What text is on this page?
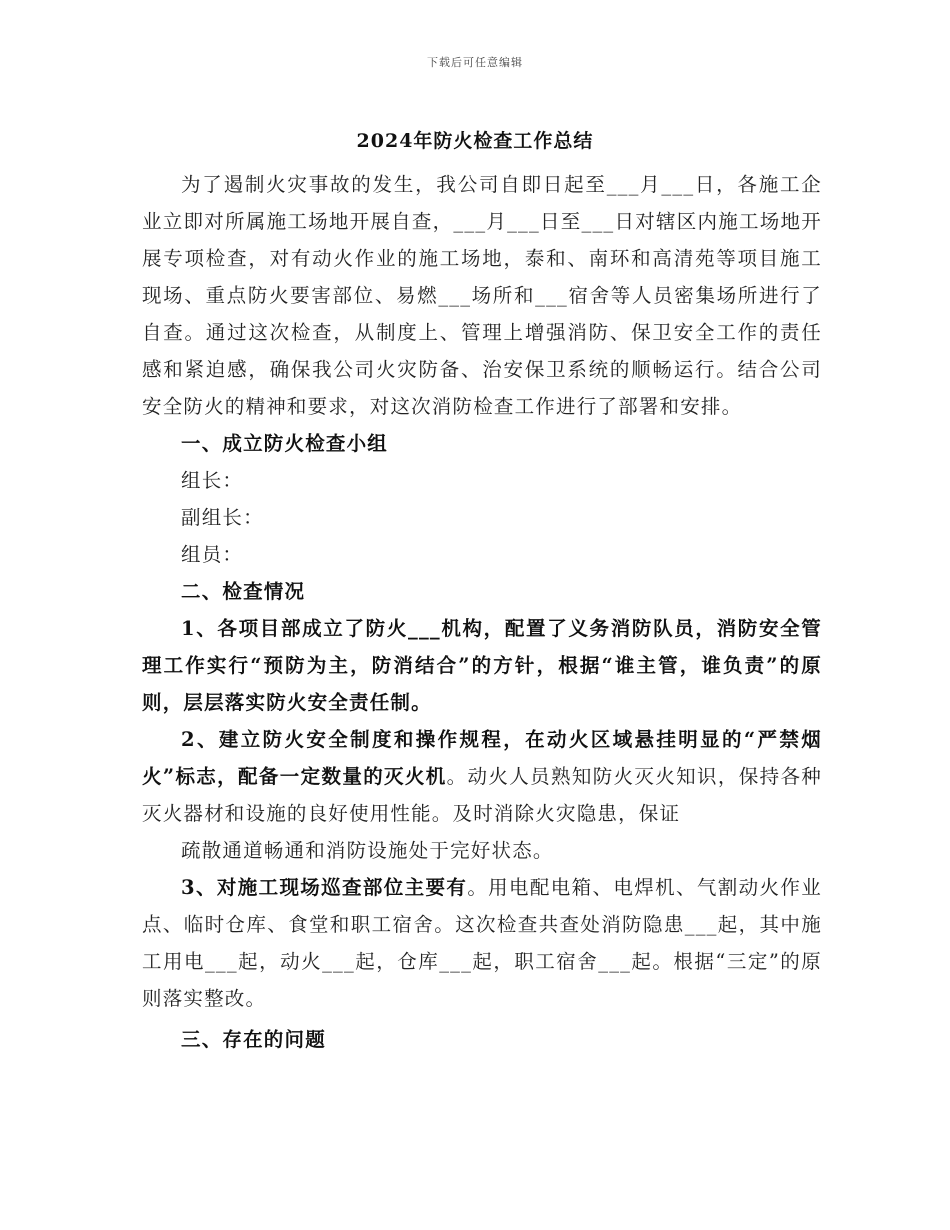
下载后可任意编辑
2024年防火检查工作总结

为了遏制火灾事故的发生，我公司自即日起至___月___日，各施工企业立即对所属施工场地开展自查，___月___日至___日对辖区内施工场地开展专项检查，对有动火作业的施工场地，泰和、南环和高清苑等项目施工现场、重点防火要害部位、易燃___场所和___宿舍等人员密集场所进行了自查。通过这次检查，从制度上、管理上增强消防、保卫安全工作的责任感和紧迫感，确保我公司火灾防备、治安保卫系统的顺畅运行。结合公司安全防火的精神和要求，对这次消防检查工作进行了部署和安排。

一、成立防火检查小组

组长：

副组长：

组员：

二、检查情况

1、各项目部成立了防火___机构，配置了义务消防队员，消防安全管理工作实行“预防为主，防消结合”的方针，根据“谁主管，谁负责”的原则，层层落实防火安全责任制。

2、建立防火安全制度和操作规程，在动火区域悬挂明显的“严禁烟火”标志，配备一定数量的灭火机。动火人员熟知防火灭火知识，保持各种灭火器材和设施的良好使用性能。及时消除火灾隐患，保证

疏散通道畅通和消防设施处于完好状态。

3、对施工现场巡查部位主要有。用电配电箱、电焊机、气割动火作业点、临时仓库、食堂和职工宿舍。这次检查共查处消防隐患___起，其中施工用电___起，动火___起，仓库___起，职工宿舍___起。根据“三定”的原则落实整改。

三、存在的问题
